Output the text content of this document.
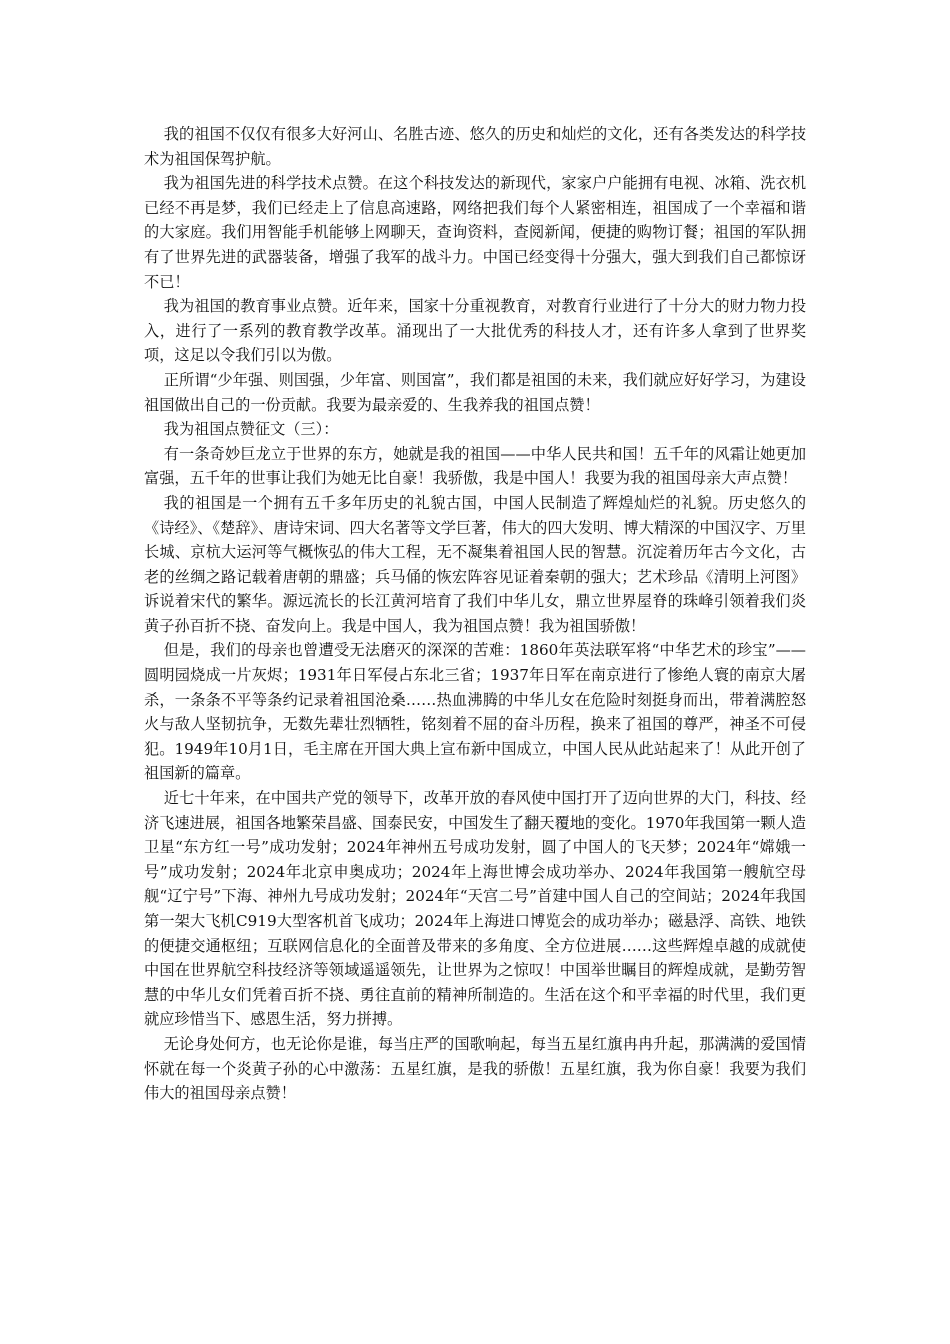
我的祖国不仅仅有很多大好河山、名胜古迹、悠久的历史和灿烂的文化，还有各类发达的科学技术为祖国保驾护航。

我为祖国先进的科学技术点赞。在这个科技发达的新现代，家家户户能拥有电视、冰箱、洗衣机已经不再是梦，我们已经走上了信息高速路，网络把我们每个人紧密相连，祖国成了一个幸福和谐的大家庭。我们用智能手机能够上网聊天，查询资料，查阅新闻，便捷的购物订餐；祖国的军队拥有了世界先进的武器装备，增强了我军的战斗力。中国已经变得十分强大，强大到我们自己都惊讶不已！

我为祖国的教育事业点赞。近年来，国家十分重视教育，对教育行业进行了十分大的财力物力投入，进行了一系列的教育教学改革。涌现出了一大批优秀的科技人才，还有许多人拿到了世界奖项，这足以令我们引以为傲。

正所谓“少年强、则国强，少年富、则国富”，我们都是祖国的未来，我们就应好好学习，为建设祖国做出自己的一份贡献。我要为最亲爱的、生我养我的祖国点赞！

我为祖国点赞征文（三）：

有一条奇妙巨龙立于世界的东方，她就是我的祖国——中华人民共和国！五千年的风霜让她更加富强，五千年的世事让我们为她无比自豪！我骄傲，我是中国人！我要为我的祖国母亲大声点赞！

我的祖国是一个拥有五千多年历史的礼貌古国，中国人民制造了辉煌灿烂的礼貌。历史悠久的《诗经》、《楚辞》、唐诗宋词、四大名著等文学巨著，伟大的四大发明、博大精深的中国汉字、万里长城、京杭大运河等气概恢弘的伟大工程，无不凝集着祖国人民的智慧。沉淀着历年古今文化，古老的丝绸之路记载着唐朝的鼎盛；兵马俑的恢宏阵容见证着秦朝的强大；艺术珍品《清明上河图》诉说着宋代的繁华。源远流长的长江黄河培育了我们中华儿女，鼎立世界屋脊的珠峰引领着我们炎黄子孙百折不挠、奋发向上。我是中国人，我为祖国点赞！我为祖国骄傲！

但是，我们的母亲也曾遭受无法磨灭的深深的苦难：1860年英法联军将“中华艺术的珍宝”——圆明园烧成一片灰烬；1931年日军侵占东北三省；1937年日军在南京进行了惨绝人寰的南京大屠杀，一条条不平等条约记录着祖国沧桑……热血沸腾的中华儿女在危险时刻挺身而出，带着满腔怒火与敌人坚韧抗争，无数先辈壮烈牺牲，铭刻着不屈的奋斗历程，换来了祖国的尊严，神圣不可侵犯。1949年10月1日，毛主席在开国大典上宣布新中国成立，中国人民从此站起来了！从此开创了祖国新的篇章。

近七十年来，在中国共产党的领导下，改革开放的春风使中国打开了迈向世界的大门，科技、经济飞速进展，祖国各地繁荣昌盛、国泰民安，中国发生了翻天覆地的变化。1970年我国第一颗人造卫星“东方红一号”成功发射；2024年神州五号成功发射，圆了中国人的飞天梦；2024年“嫦娥一号”成功发射；2024年北京申奥成功；2024年上海世博会成功举办、2024年我国第一艘航空母舰“辽宁号”下海、神州九号成功发射；2024年“天宫二号”首建中国人自己的空间站；2024年我国第一架大飞机C919大型客机首飞成功；2024年上海进口博览会的成功举办；磁悬浮、高铁、地铁的便捷交通枢纽；互联网信息化的全面普及带来的多角度、全方位进展……这些辉煌卓越的成就使中国在世界航空科技经济等领域遥遥领先，让世界为之惊叹！中国举世瞩目的辉煌成就，是勤劳智慧的中华儿女们凭着百折不挠、勇往直前的精神所制造的。生活在这个和平幸福的时代里，我们更就应珍惜当下、感恩生活，努力拼搏。

无论身处何方，也无论你是谁，每当庄严的国歌响起，每当五星红旗冉冉升起，那满满的爱国情怀就在每一个炎黄子孙的心中激荡：五星红旗，是我的骄傲！五星红旗，我为你自豪！我要为我们伟大的祖国母亲点赞！
